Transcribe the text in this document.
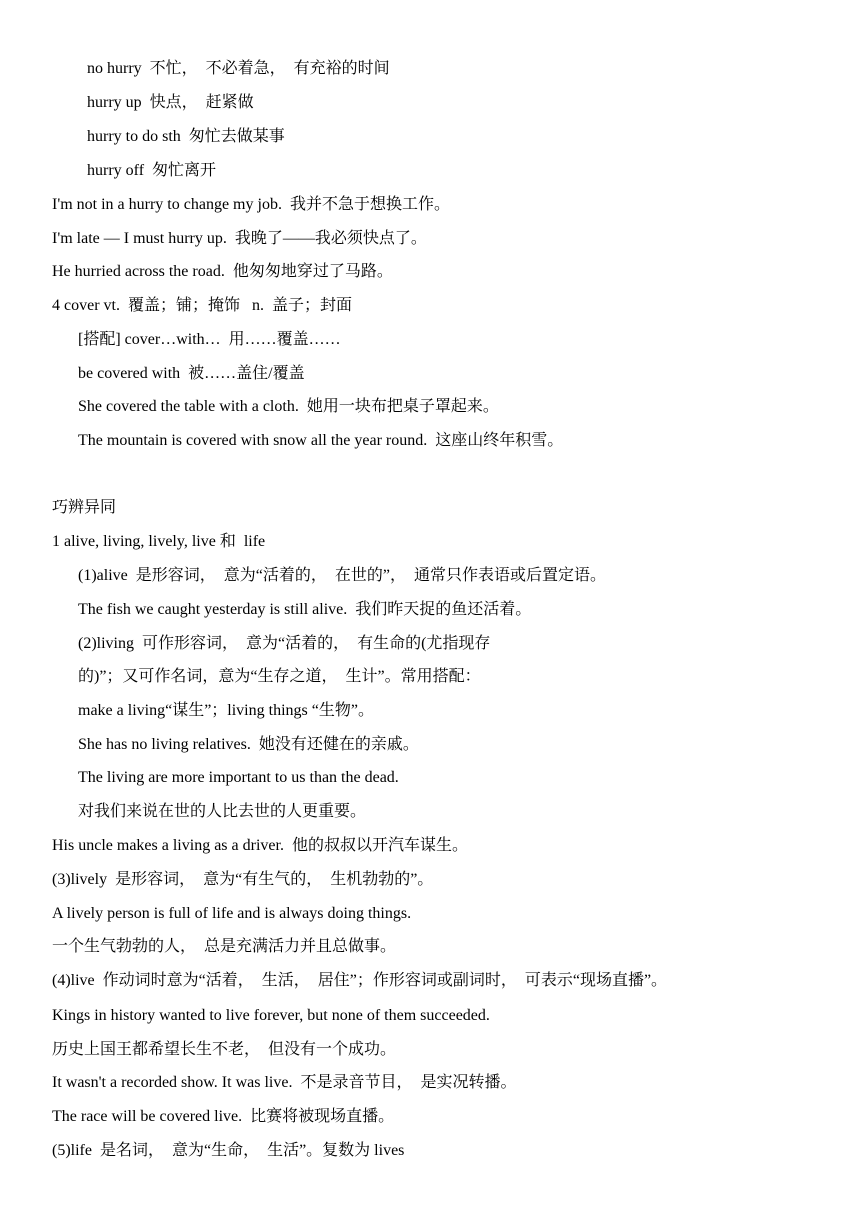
no hurry  不忙，  不必着急，  有充裕的时间
hurry up  快点，  赶紧做
hurry to do sth  匆忙去做某事
hurry off  匆忙离开
I'm not in a hurry to change my job.  我并不急于想换工作。
I'm late — I must hurry up.  我晚了——我必须快点了。
He hurried across the road.  他匆匆地穿过了马路。
4 cover vt.  覆盖；铺；掩饰   n.  盖子；封面
[搭配] cover…with…  用……覆盖……
be covered with  被……盖住/覆盖
She covered the table with a cloth.  她用一块布把桌子罩起来。
The mountain is covered with snow all the year round.  这座山终年积雪。
巧辨异同
1 alive, living, lively, live 和  life
(1)alive  是形容词，  意为“活着的，  在世的”，  通常只作表语或后置定语。
The fish we caught yesterday is still alive.  我们昨天捉的鱼还活着。
(2)living  可作形容词，  意为“活着的，  有生命的(尤指现存
的)”；又可作名词，意为“生存之道，  生计”。常用搭配：
make a living“谋生”；living things “生物”。
She has no living relatives.  她没有还健在的亲戚。
The living are more important to us than the dead.
对我们来说在世的人比去世的人更重要。
His uncle makes a living as a driver.  他的叔叔以开汽车谋生。
(3)lively  是形容词，  意为“有生气的，  生机勃勃的”。
A lively person is full of life and is always doing things.
一个生气勃勃的人，  总是充满活力并且总做事。
(4)live  作动词时意为“活着，  生活，  居住”；作形容词或副词时，  可表示“现场直播”。
Kings in history wanted to live forever, but none of them succeeded.
历史上国王都希望长生不老，  但没有一个成功。
It wasn't a recorded show. It was live.  不是录音节目，  是实况转播。
The race will be covered live.  比赛将被现场直播。
(5)life  是名词，  意为“生命，  生活”。复数为 lives
